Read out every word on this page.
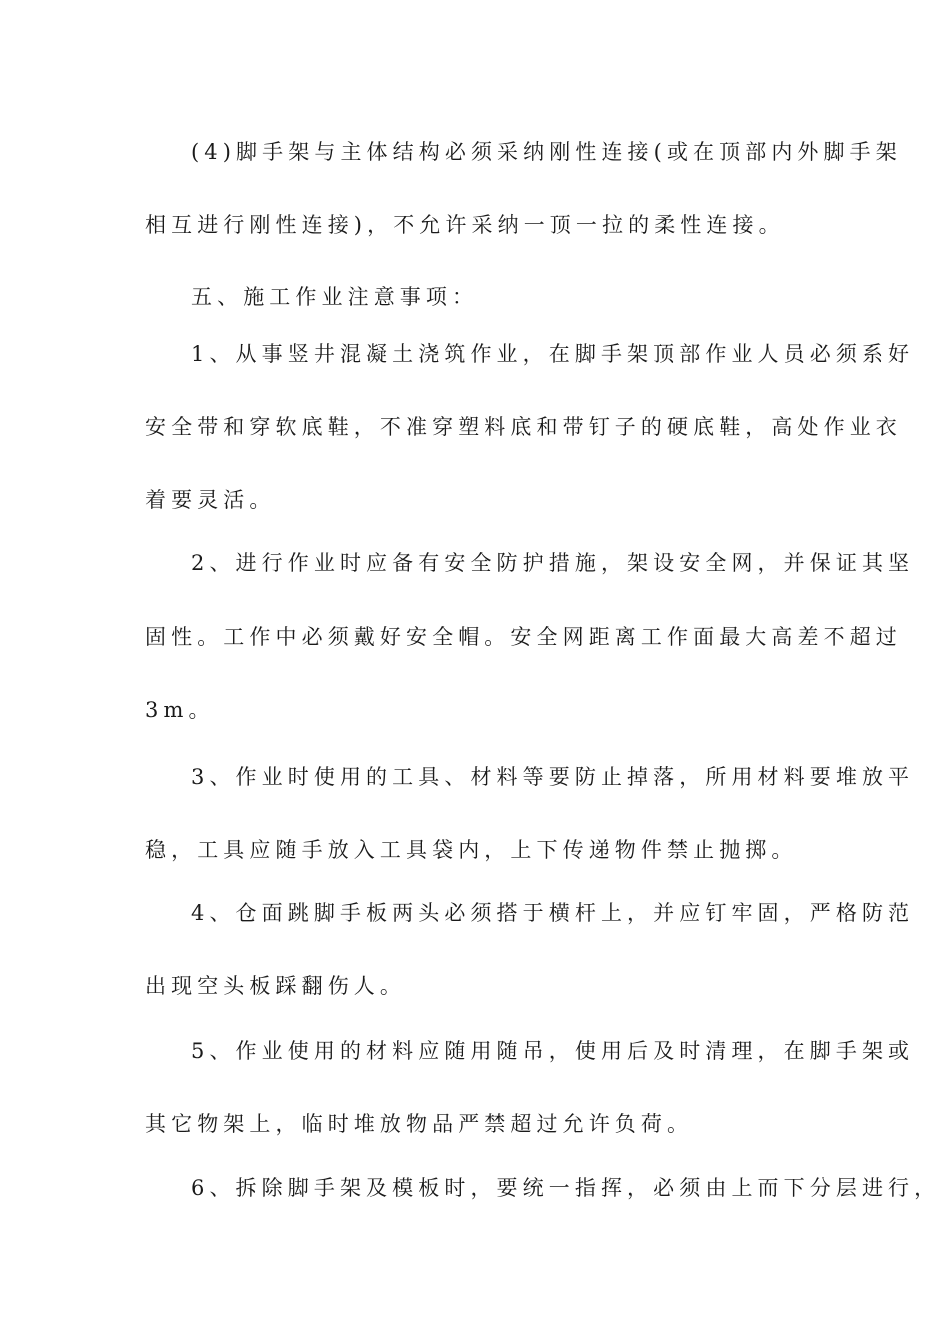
(4)脚手架与主体结构必须采纳刚性连接(或在顶部内外脚手架
相互进行刚性连接)，不允许采纳一顶一拉的柔性连接。
五、施工作业注意事项：
1、从事竖井混凝土浇筑作业，在脚手架顶部作业人员必须系好
安全带和穿软底鞋，不准穿塑料底和带钉子的硬底鞋，高处作业衣
着要灵活。
2、进行作业时应备有安全防护措施，架设安全网，并保证其坚
固性。工作中必须戴好安全帽。安全网距离工作面最大高差不超过
3m。
3、作业时使用的工具、材料等要防止掉落，所用材料要堆放平
稳，工具应随手放入工具袋内，上下传递物件禁止抛掷。
4、仓面跳脚手板两头必须搭于横杆上，并应钉牢固，严格防范
出现空头板踩翻伤人。
5、作业使用的材料应随用随吊，使用后及时清理，在脚手架或
其它物架上，临时堆放物品严禁超过允许负荷。
6、拆除脚手架及模板时，要统一指挥，必须由上而下分层进行，
